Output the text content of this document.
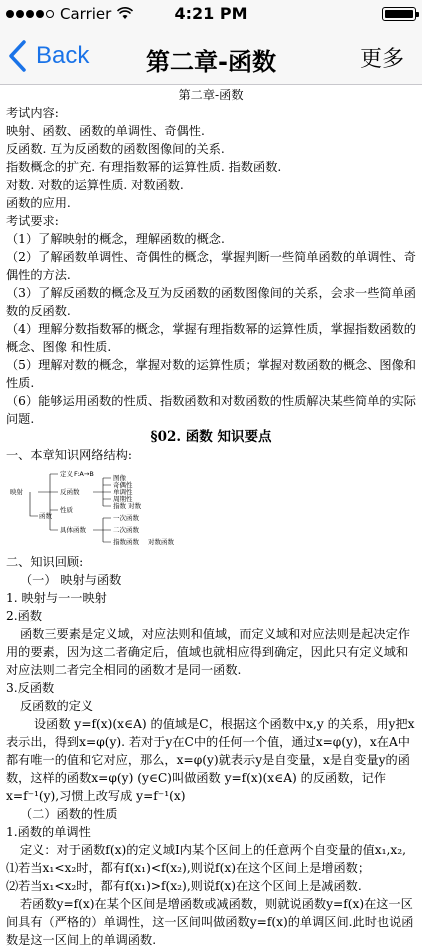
Carrier	4:21 PM
Back	第二章-函数	更多
第二章-函数
考试内容:
映射、函数、函数的单调性、奇偶性.
反函数. 互为反函数的函数图像间的关系.
指数概念的扩充. 有理指数幂的运算性质. 指数函数.
对数. 对数的运算性质. 对数函数.
函数的应用.
考试要求:
（1）了解映射的概念，理解函数的概念.
（2）了解函数单调性、奇偶性的概念，掌握判断一些简单函数的单调性、奇偶性的方法.
（3）了解反函数的概念及互为反函数的函数图像间的关系，会求一些简单函数的反函数.
（4）理解分数指数幂的概念，掌握有理指数幂的运算性质，掌握指数函数的概念、图像 和性质.
（5）理解对数的概念，掌握对数的运算性质；掌握对数函数的概念、图像和性质.
（6）能够运用函数的性质、指数函数和对数函数的性质解决某些简单的实际问题.
§02. 函数 知识要点
一、本章知识网络结构:
映射
函数
定义 F:A→B
反函数
性质
具体函数
图像
奇偶性
单调性
周期性
指数 对数
一次函数
二次函数
指数函数 对数函数
二、知识回顾:
（一） 映射与函数
1. 映射与一一映射
2.函数
函数三要素是定义域，对应法则和值域，而定义域和对应法则是起决定作用的要素，因为这二者确定后，值域也就相应得到确定，因此只有定义域和对应法则二者完全相同的函数才是同一函数.
3.反函数
反函数的定义
设函数 y=f(x)(x∈A) 的值域是C，根据这个函数中x,y 的关系，用y把x表示出，得到x=φ(y). 若对于y在C中的任何一个值，通过x=φ(y)，x在A中都有唯一的值和它对应，那么，x=φ(y)就表示y是自变量，x是自变量y的函数，这样的函数x=φ(y) (y∈C)叫做函数 y=f(x)(x∈A) 的反函数，记作x=f⁻¹(y),习惯上改写成 y=f⁻¹(x)
（二）函数的性质
1.函数的单调性
定义：对于函数f(x)的定义域I内某个区间上的任意两个自变量的值x₁,x₂,
⑴若当x₁<x₂时，都有f(x₁)<f(x₂),则说f(x)在这个区间上是增函数；
⑵若当x₁<x₂时，都有f(x₁)>f(x₂),则说f(x)在这个区间上是减函数.
若函数y=f(x)在某个区间是增函数或减函数，则就说函数y=f(x)在这一区间具有（严格的）单调性，这一区间叫做函数y=f(x)的单调区间.此时也说函数是这一区间上的单调函数.
